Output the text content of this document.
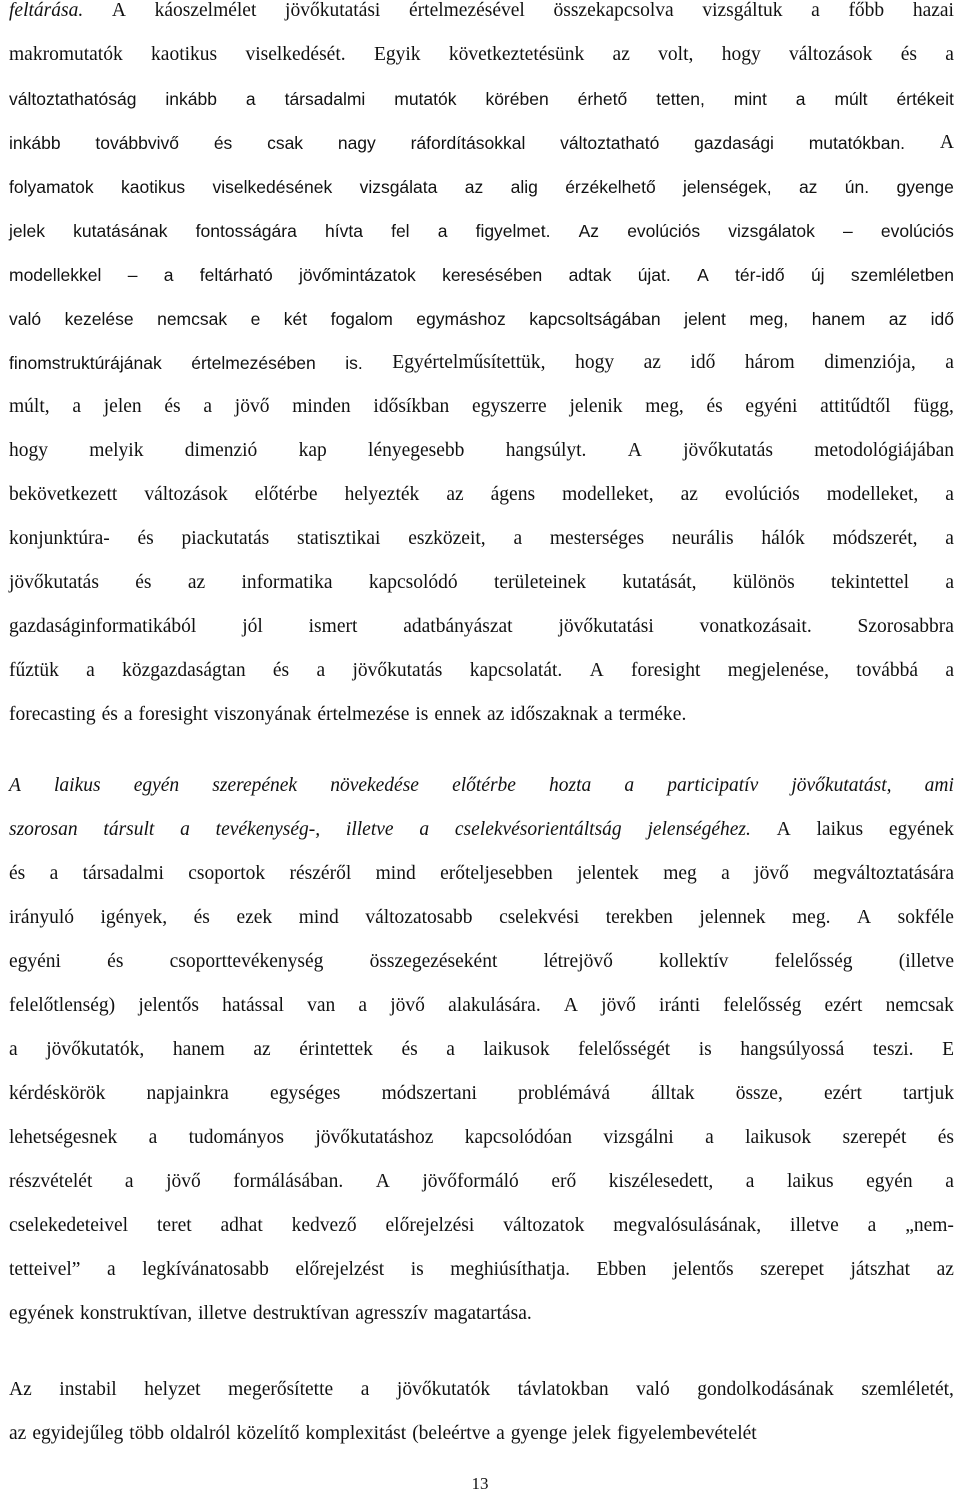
feltárása. A káoszelmélet jövőkutatási értelmezésével összekapcsolva vizsgáltuk a főbb hazai
makromutatók kaotikus viselkedését. Egyik következtetésünk az volt, hogy változások és a
változtathatóság inkább a társadalmi mutatók körében érhető tetten, mint a múlt értékeit
inkább továbbvivő és csak nagy ráfordításokkal változtatható gazdasági mutatókban. A
folyamatok kaotikus viselkedésének vizsgálata az alig érzékelhető jelenségek, az ún. gyenge
jelek kutatásának fontosságára hívta fel a figyelmet. Az evolúciós vizsgálatok – evolúciós
modellekkel – a feltárható jövőmintázatok keresésében adtak újat. A tér-idő új szemléletben
való kezelése nemcsak e két fogalom egymáshoz kapcsoltságában jelent meg, hanem az idő
finomstruktúrájának értelmezésében is. Egyértelműsítettük, hogy az idő három dimenziója, a
múlt, a jelen és a jövő minden idősíkban egyszerre jelenik meg, és egyéni attitűdtől függ,
hogy melyik dimenzió kap lényegesebb hangsúlyt. A jövőkutatás metodológiájában
bekövetkezett változások előtérbe helyezték az ágens modelleket, az evolúciós modelleket, a
konjunktúra- és piackutatás statisztikai eszközeit, a mesterséges neurális hálók módszerét, a
jövőkutatás és az informatika kapcsolódó területeinek kutatását, különös tekintettel a
gazdaságinformatikából jól ismert adatbányászat jövőkutatási vonatkozásait. Szorosabbra
fűztük a közgazdaságtan és a jövőkutatás kapcsolatát. A foresight megjelenése, továbbá a
forecasting és a foresight viszonyának értelmezése is ennek az időszaknak a terméke.
A laikus egyén szerepének növekedése előtérbe hozta a participatív jövőkutatást, ami
szorosan társult a tevékenység-, illetve a cselekvésorientáltság jelenségéhez. A laikus egyének
és a társadalmi csoportok részéről mind erőteljesebben jelentek meg a jövő megváltoztatására
irányuló igények, és ezek mind változatosabb cselekvési terekben jelennek meg. A sokféle
egyéni és csoporttevékenység összegezéseként létrejövő kollektív felelősség (illetve
felelőtlenség) jelentős hatással van a jövő alakulására. A jövő iránti felelősség ezért nemcsak
a jövőkutatók, hanem az érintettek és a laikusok felelősségét is hangsúlyossá teszi. E
kérdéskörök napjainkra egységes módszertani problémává álltak össze, ezért tartjuk
lehetségesnek a tudományos jövőkutatáshoz kapcsolódóan vizsgálni a laikusok szerepét és
részvételét a jövő formálásában. A jövőformáló erő kiszélesedett, a laikus egyén a
cselekedeteivel teret adhat kedvező előrejelzési változatok megvalósulásának, illetve a „nem-
tetteivel” a legkívánatosabb előrejelzést is meghiúsíthatja. Ebben jelentős szerepet játszhat az
egyének konstruktívan, illetve destruktívan agresszív magatartása.
Az instabil helyzet megerősítette a jövőkutatók távlatokban való gondolkodásának szemléletét,
az egyidejűleg több oldalról közelítő komplexitást (beleértve a gyenge jelek figyelembevételét
13
